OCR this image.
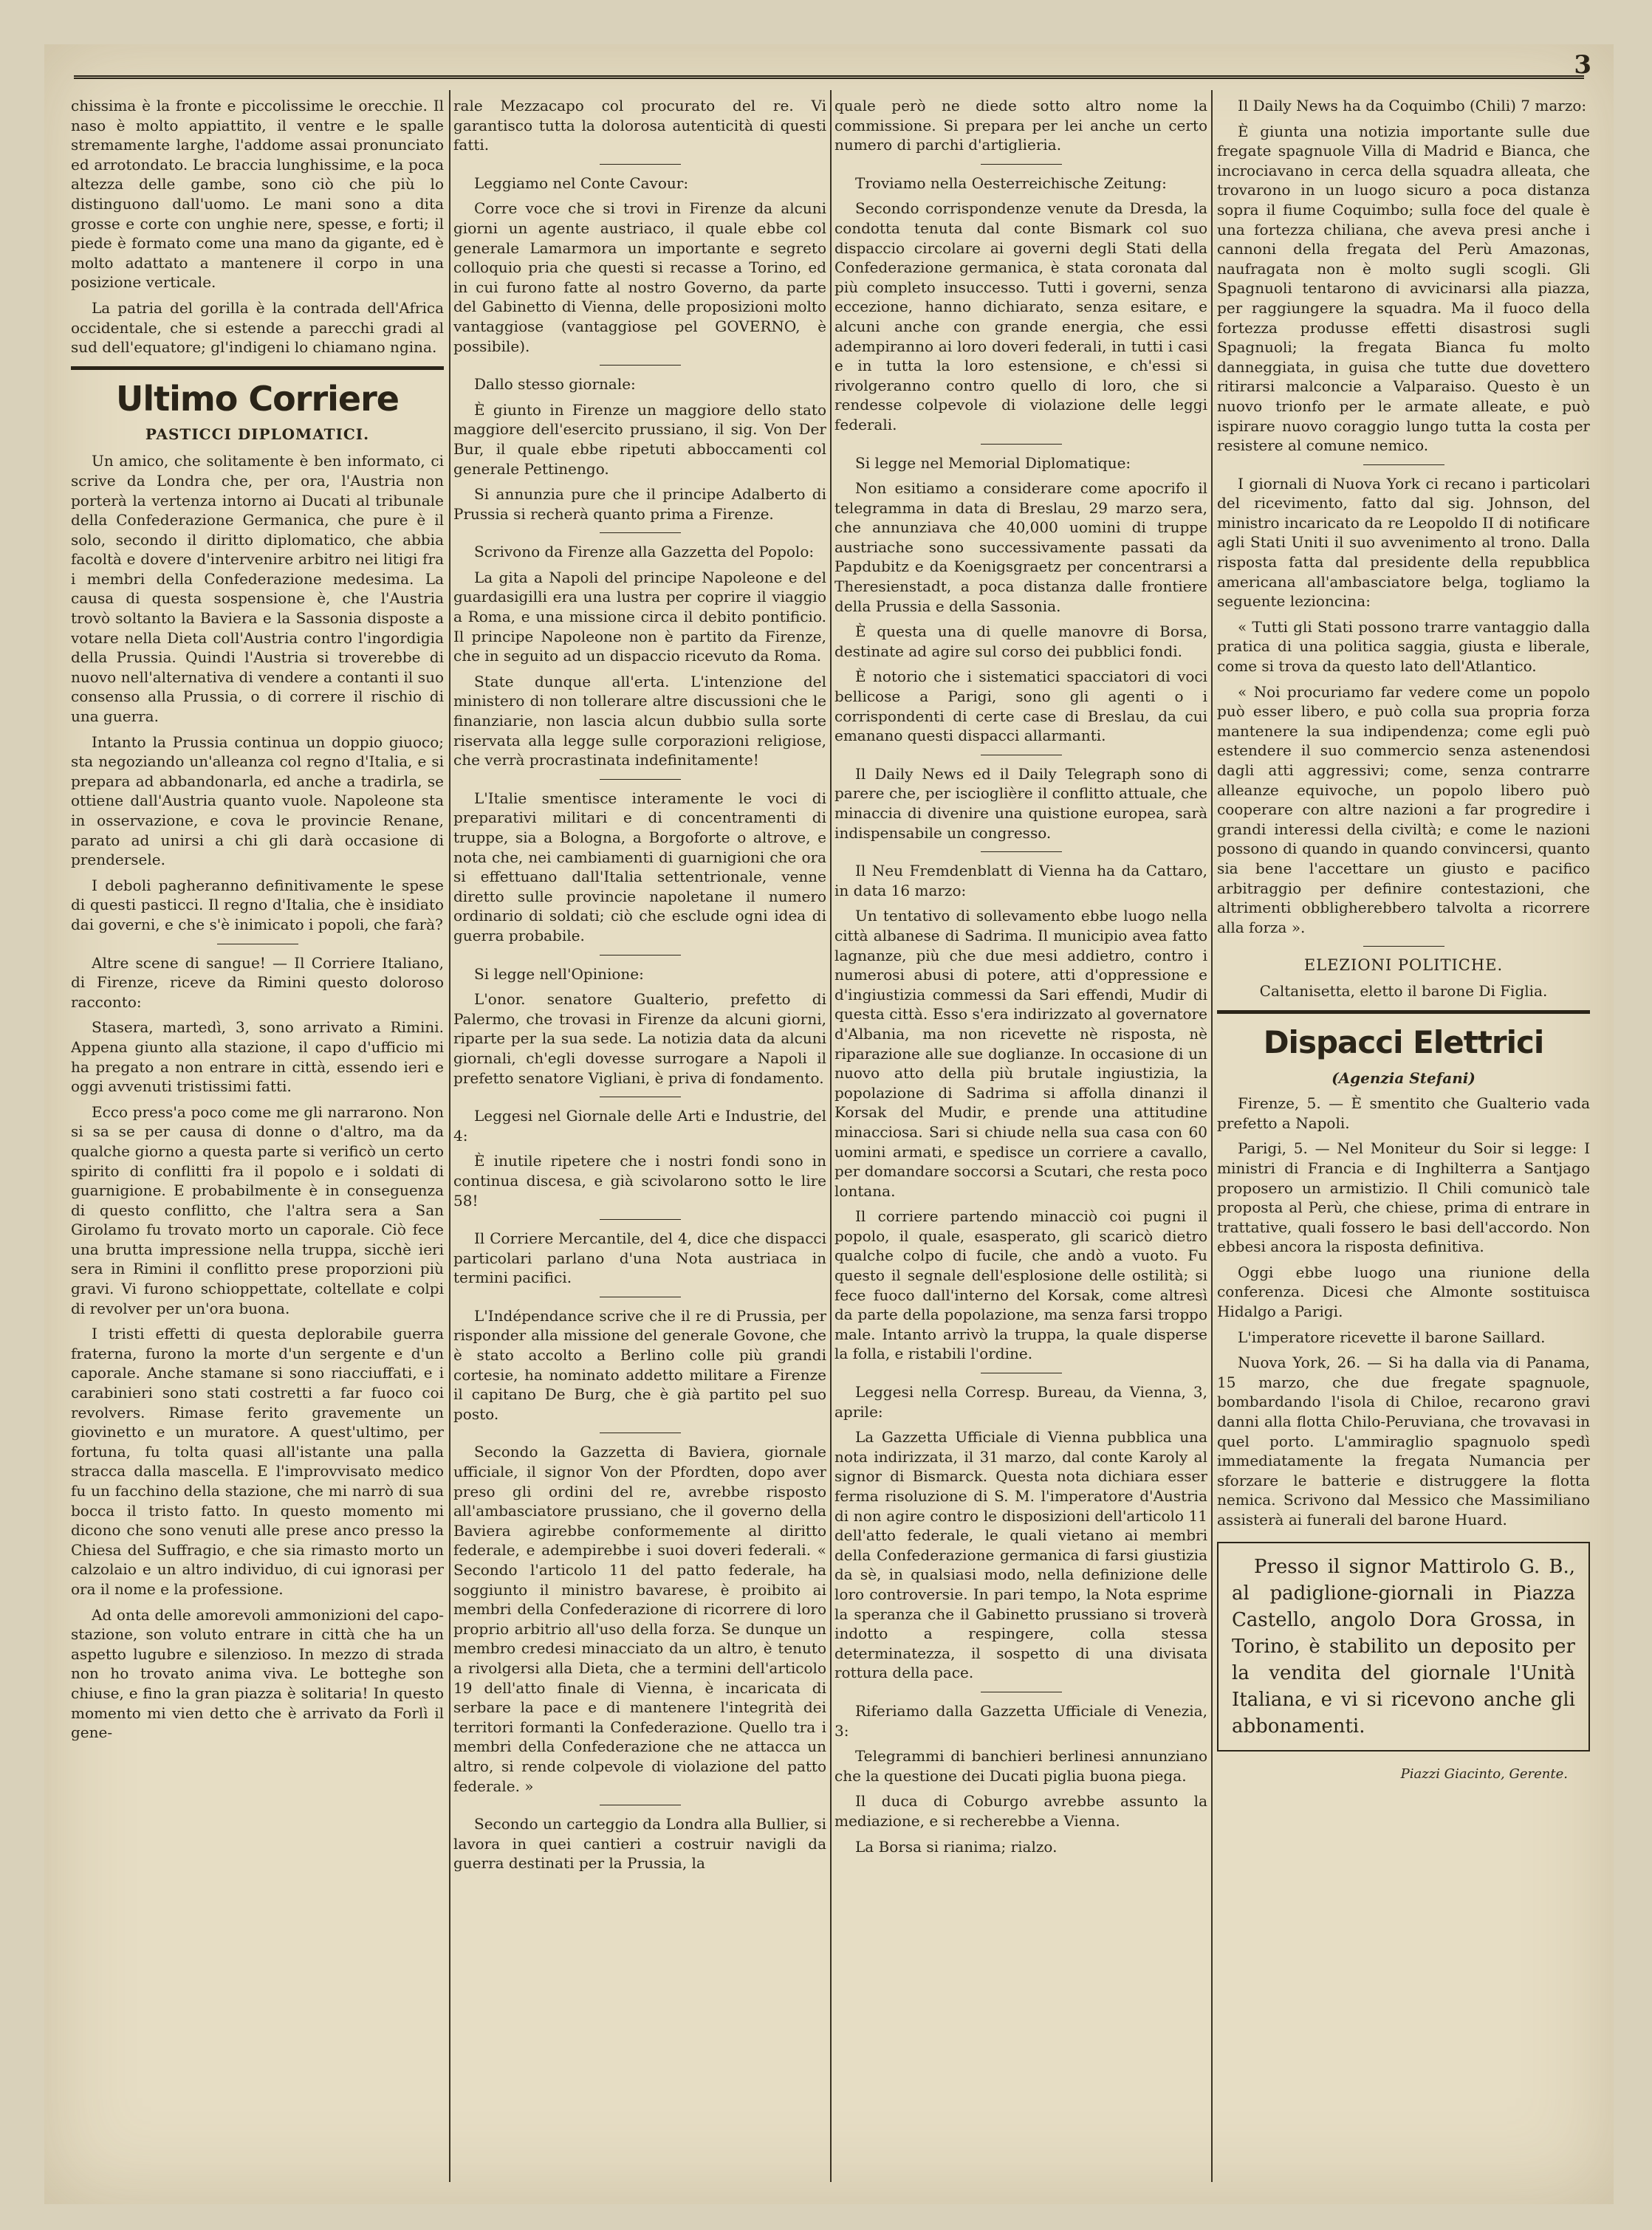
3

chissima è la fronte e piccolissime le orecchie. Il naso è molto appiattito, il ventre e le spalle stremamente larghe, l'addome assai pronunciato ed arrotondato. Le braccia lunghissime, e la poca altezza delle gambe, sono ciò che più lo distinguono dall'uomo. Le mani sono a dita grosse e corte con unghie nere, spesse, e forti; il piede è formato come una mano da gigante, ed è molto adattato a mantenere il corpo in una posizione verticale.

La patria del gorilla è la contrada dell'Africa occidentale, che si estende a parecchi gradi al sud dell'equatore; gl'indigeni lo chiamano ngina.

Ultimo Corriere
PASTICCI DIPLOMATICI.

Un amico, che solitamente è ben informato, ci scrive da Londra che, per ora, l'Austria non porterà la vertenza intorno ai Ducati al tribunale della Confederazione Germanica, che pure è il solo, secondo il diritto diplomatico, che abbia facoltà e dovere d'intervenire arbitro nei litigi fra i membri della Confederazione medesima. La causa di questa sospensione è, che l'Austria trovò soltanto la Baviera e la Sassonia disposte a votare nella Dieta coll'Austria contro l'ingordigia della Prussia. Quindi l'Austria si troverebbe di nuovo nell'alternativa di vendere a contanti il suo consenso alla Prussia, o di correre il rischio di una guerra.

Intanto la Prussia continua un doppio giuoco; sta negoziando un'alleanza col regno d'Italia, e si prepara ad abbandonarla, ed anche a tradirla, se ottiene dall'Austria quanto vuole. Napoleone sta in osservazione, e cova le provincie Renane, parato ad unirsi a chi gli darà occasione di prendersele.

I deboli pagheranno definitivamente le spese di questi pasticci. Il regno d'Italia, che è insidiato dai governi, e che s'è inimicato i popoli, che farà?

Altre scene di sangue! — Il Corriere Italiano, di Firenze, riceve da Rimini questo doloroso racconto:

Stasera, martedì, 3, sono arrivato a Rimini. Appena giunto alla stazione, il capo d'ufficio mi ha pregato a non entrare in città, essendo ieri e oggi avvenuti tristissimi fatti.

Ecco press'a poco come me gli narrarono. Non si sa se per causa di donne o d'altro, ma da qualche giorno a questa parte si verificò un certo spirito di conflitti fra il popolo e i soldati di guarnigione. E probabilmente è in conseguenza di questo conflitto, che l'altra sera a San Girolamo fu trovato morto un caporale. Ciò fece una brutta impressione nella truppa, sicchè ieri sera in Rimini il conflitto prese proporzioni più gravi. Vi furono schioppettate, coltellate e colpi di revolver per un'ora buona.

I tristi effetti di questa deplorabile guerra fraterna, furono la morte d'un sergente e d'un caporale. Anche stamane si sono riacciuffati, e i carabinieri sono stati costretti a far fuoco coi revolvers. Rimase ferito gravemente un giovinetto e un muratore. A quest'ultimo, per fortuna, fu tolta quasi all'istante una palla stracca dalla mascella. E l'improvvisato medico fu un facchino della stazione, che mi narrò di sua bocca il tristo fatto. In questo momento mi dicono che sono venuti alle prese anco presso la Chiesa del Suffragio, e che sia rimasto morto un calzolaio e un altro individuo, di cui ignorasi per ora il nome e la professione.

Ad onta delle amorevoli ammonizioni del capo-stazione, son voluto entrare in città che ha un aspetto lugubre e silenzioso. In mezzo di strada non ho trovato anima viva. Le botteghe son chiuse, e fino la gran piazza è solitaria! In questo momento mi vien detto che è arrivato da Forlì il gene-

rale Mezzacapo col procurato del re. Vi garantisco tutta la dolorosa autenticità di questi fatti.

Leggiamo nel Conte Cavour:

Corre voce che si trovi in Firenze da alcuni giorni un agente austriaco, il quale ebbe col generale Lamarmora un importante e segreto colloquio pria che questi si recasse a Torino, ed in cui furono fatte al nostro Governo, da parte del Gabinetto di Vienna, delle proposizioni molto vantaggiose (vantaggiose pel GOVERNO, è possibile).

Dallo stesso giornale:

È giunto in Firenze un maggiore dello stato maggiore dell'esercito prussiano, il sig. Von Der Bur, il quale ebbe ripetuti abboccamenti col generale Pettinengo.

Si annunzia pure che il principe Adalberto di Prussia si recherà quanto prima a Firenze.

Scrivono da Firenze alla Gazzetta del Popolo:

La gita a Napoli del principe Napoleone e del guardasigilli era una lustra per coprire il viaggio a Roma, e una missione circa il debito pontificio. Il principe Napoleone non è partito da Firenze, che in seguito ad un dispaccio ricevuto da Roma.

State dunque all'erta. L'intenzione del ministero di non tollerare altre discussioni che le finanziarie, non lascia alcun dubbio sulla sorte riservata alla legge sulle corporazioni religiose, che verrà procrastinata indefinitamente!

L'Italie smentisce interamente le voci di preparativi militari e di concentramenti di truppe, sia a Bologna, a Borgoforte o altrove, e nota che, nei cambiamenti di guarnigioni che ora si effettuano dall'Italia settentrionale, venne diretto sulle provincie napoletane il numero ordinario di soldati; ciò che esclude ogni idea di guerra probabile.

Si legge nell'Opinione:

L'onor. senatore Gualterio, prefetto di Palermo, che trovasi in Firenze da alcuni giorni, riparte per la sua sede. La notizia data da alcuni giornali, ch'egli dovesse surrogare a Napoli il prefetto senatore Vigliani, è priva di fondamento.

Leggesi nel Giornale delle Arti e Industrie, del 4:

È inutile ripetere che i nostri fondi sono in continua discesa, e già scivolarono sotto le lire 58!

Il Corriere Mercantile, del 4, dice che dispacci particolari parlano d'una Nota austriaca in termini pacifici.

L'Indépendance scrive che il re di Prussia, per risponder alla missione del generale Govone, che è stato accolto a Berlino colle più grandi cortesie, ha nominato addetto militare a Firenze il capitano De Burg, che è già partito pel suo posto.

Secondo la Gazzetta di Baviera, giornale ufficiale, il signor Von der Pfordten, dopo aver preso gli ordini del re, avrebbe risposto all'ambasciatore prussiano, che il governo della Baviera agirebbe conformemente al diritto federale, e adempirebbe i suoi doveri federali. « Secondo l'articolo 11 del patto federale, ha soggiunto il ministro bavarese, è proibito ai membri della Confederazione di ricorrere di loro proprio arbitrio all'uso della forza. Se dunque un membro credesi minacciato da un altro, è tenuto a rivolgersi alla Dieta, che a termini dell'articolo 19 dell'atto finale di Vienna, è incaricata di serbare la pace e di mantenere l'integrità dei territori formanti la Confederazione. Quello tra i membri della Confederazione che ne attacca un altro, si rende colpevole di violazione del patto federale. »

Secondo un carteggio da Londra alla Bullier, si lavora in quei cantieri a costruir navigli da guerra destinati per la Prussia, la

quale però ne diede sotto altro nome la commissione. Si prepara per lei anche un certo numero di parchi d'artiglieria.

Troviamo nella Oesterreichische Zeitung:

Secondo corrispondenze venute da Dresda, la condotta tenuta dal conte Bismark col suo dispaccio circolare ai governi degli Stati della Confederazione germanica, è stata coronata dal più completo insuccesso. Tutti i governi, senza eccezione, hanno dichiarato, senza esitare, e alcuni anche con grande energia, che essi adempiranno ai loro doveri federali, in tutti i casi e in tutta la loro estensione, e ch'essi si rivolgeranno contro quello di loro, che si rendesse colpevole di violazione delle leggi federali.

Si legge nel Memorial Diplomatique:

Non esitiamo a considerare come apocrifo il telegramma in data di Breslau, 29 marzo sera, che annunziava che 40,000 uomini di truppe austriache sono successivamente passati da Papdubitz e da Koenigsgraetz per concentrarsi a Theresienstadt, a poca distanza dalle frontiere della Prussia e della Sassonia.

È questa una di quelle manovre di Borsa, destinate ad agire sul corso dei pubblici fondi.

È notorio che i sistematici spacciatori di voci bellicose a Parigi, sono gli agenti o i corrispondenti di certe case di Breslau, da cui emanano questi dispacci allarmanti.

Il Daily News ed il Daily Telegraph sono di parere che, per iscioglière il conflitto attuale, che minaccia di divenire una quistione europea, sarà indispensabile un congresso.

Il Neu Fremdenblatt di Vienna ha da Cattaro, in data 16 marzo:

Un tentativo di sollevamento ebbe luogo nella città albanese di Sadrima. Il municipio avea fatto lagnanze, più che due mesi addietro, contro i numerosi abusi di potere, atti d'oppressione e d'ingiustizia commessi da Sari effendi, Mudir di questa città. Esso s'era indirizzato al governatore d'Albania, ma non ricevette nè risposta, nè riparazione alle sue doglianze. In occasione di un nuovo atto della più brutale ingiustizia, la popolazione di Sadrima si affolla dinanzi il Korsak del Mudir, e prende una attitudine minacciosa. Sari si chiude nella sua casa con 60 uomini armati, e spedisce un corriere a cavallo, per domandare soccorsi a Scutari, che resta poco lontana.

Il corriere partendo minacciò coi pugni il popolo, il quale, esasperato, gli scaricò dietro qualche colpo di fucile, che andò a vuoto. Fu questo il segnale dell'esplosione delle ostilità; si fece fuoco dall'interno del Korsak, come altresì da parte della popolazione, ma senza farsi troppo male. Intanto arrivò la truppa, la quale disperse la folla, e ristabili l'ordine.

Leggesi nella Corresp. Bureau, da Vienna, 3, aprile:

La Gazzetta Ufficiale di Vienna pubblica una nota indirizzata, il 31 marzo, dal conte Karoly al signor di Bismarck. Questa nota dichiara esser ferma risoluzione di S. M. l'imperatore d'Austria di non agire contro le disposizioni dell'articolo 11 dell'atto federale, le quali vietano ai membri della Confederazione germanica di farsi giustizia da sè, in qualsiasi modo, nella definizione delle loro controversie. In pari tempo, la Nota esprime la speranza che il Gabinetto prussiano si troverà indotto a respingere, colla stessa determinatezza, il sospetto di una divisata rottura della pace.

Riferiamo dalla Gazzetta Ufficiale di Venezia, 3:

Telegrammi di banchieri berlinesi annunziano che la questione dei Ducati piglia buona piega.

Il duca di Coburgo avrebbe assunto la mediazione, e si recherebbe a Vienna.

La Borsa si rianima; rialzo.

Il Daily News ha da Coquimbo (Chili) 7 marzo:

È giunta una notizia importante sulle due fregate spagnuole Villa di Madrid e Bianca, che incrociavano in cerca della squadra alleata, che trovarono in un luogo sicuro a poca distanza sopra il fiume Coquimbo; sulla foce del quale è una fortezza chiliana, che aveva presi anche i cannoni della fregata del Perù Amazonas, naufragata non è molto sugli scogli. Gli Spagnuoli tentarono di avvicinarsi alla piazza, per raggiungere la squadra. Ma il fuoco della fortezza produsse effetti disastrosi sugli Spagnuoli; la fregata Bianca fu molto danneggiata, in guisa che tutte due dovettero ritirarsi malconcie a Valparaiso. Questo è un nuovo trionfo per le armate alleate, e può ispirare nuovo coraggio lungo tutta la costa per resistere al comune nemico.

I giornali di Nuova York ci recano i particolari del ricevimento, fatto dal sig. Johnson, del ministro incaricato da re Leopoldo II di notificare agli Stati Uniti il suo avvenimento al trono. Dalla risposta fatta dal presidente della repubblica americana all'ambasciatore belga, togliamo la seguente lezioncina:

« Tutti gli Stati possono trarre vantaggio dalla pratica di una politica saggia, giusta e liberale, come si trova da questo lato dell'Atlantico.

« Noi procuriamo far vedere come un popolo può esser libero, e può colla sua propria forza mantenere la sua indipendenza; come egli può estendere il suo commercio senza astenendosi dagli atti aggressivi; come, senza contrarre alleanze equivoche, un popolo libero può cooperare con altre nazioni a far progredire i grandi interessi della civiltà; e come le nazioni possono di quando in quando convincersi, quanto sia bene l'accettare un giusto e pacifico arbitraggio per definire contestazioni, che altrimenti obbligherebbero talvolta a ricorrere alla forza ».

ELEZIONI POLITICHE.

Caltanisetta, eletto il barone Di Figlia.

Dispacci Elettrici

(Agenzia Stefani)

Firenze, 5. — È smentito che Gualterio vada prefetto a Napoli.

Parigi, 5. — Nel Moniteur du Soir si legge: I ministri di Francia e di Inghilterra a Santjago proposero un armistizio. Il Chili comunicò tale proposta al Perù, che chiese, prima di entrare in trattative, quali fossero le basi dell'accordo. Non ebbesi ancora la risposta definitiva.

Oggi ebbe luogo una riunione della conferenza. Dicesi che Almonte sostituisca Hidalgo a Parigi.

L'imperatore ricevette il barone Saillard.

Nuova York, 26. — Si ha dalla via di Panama, 15 marzo, che due fregate spagnuole, bombardando l'isola di Chiloe, recarono gravi danni alla flotta Chilo-Peruviana, che trovavasi in quel porto. L'ammiraglio spagnuolo spedì immediatamente la fregata Numancia per sforzare le batterie e distruggere la flotta nemica. Scrivono dal Messico che Massimiliano assisterà ai funerali del barone Huard.

Presso il signor Mattirolo G. B., al padiglione-giornali in Piazza Castello, angolo Dora Grossa, in Torino, è stabilito un deposito per la vendita del giornale l'Unità Italiana, e vi si ricevono anche gli abbonamenti.

Piazzi Giacinto, Gerente.
